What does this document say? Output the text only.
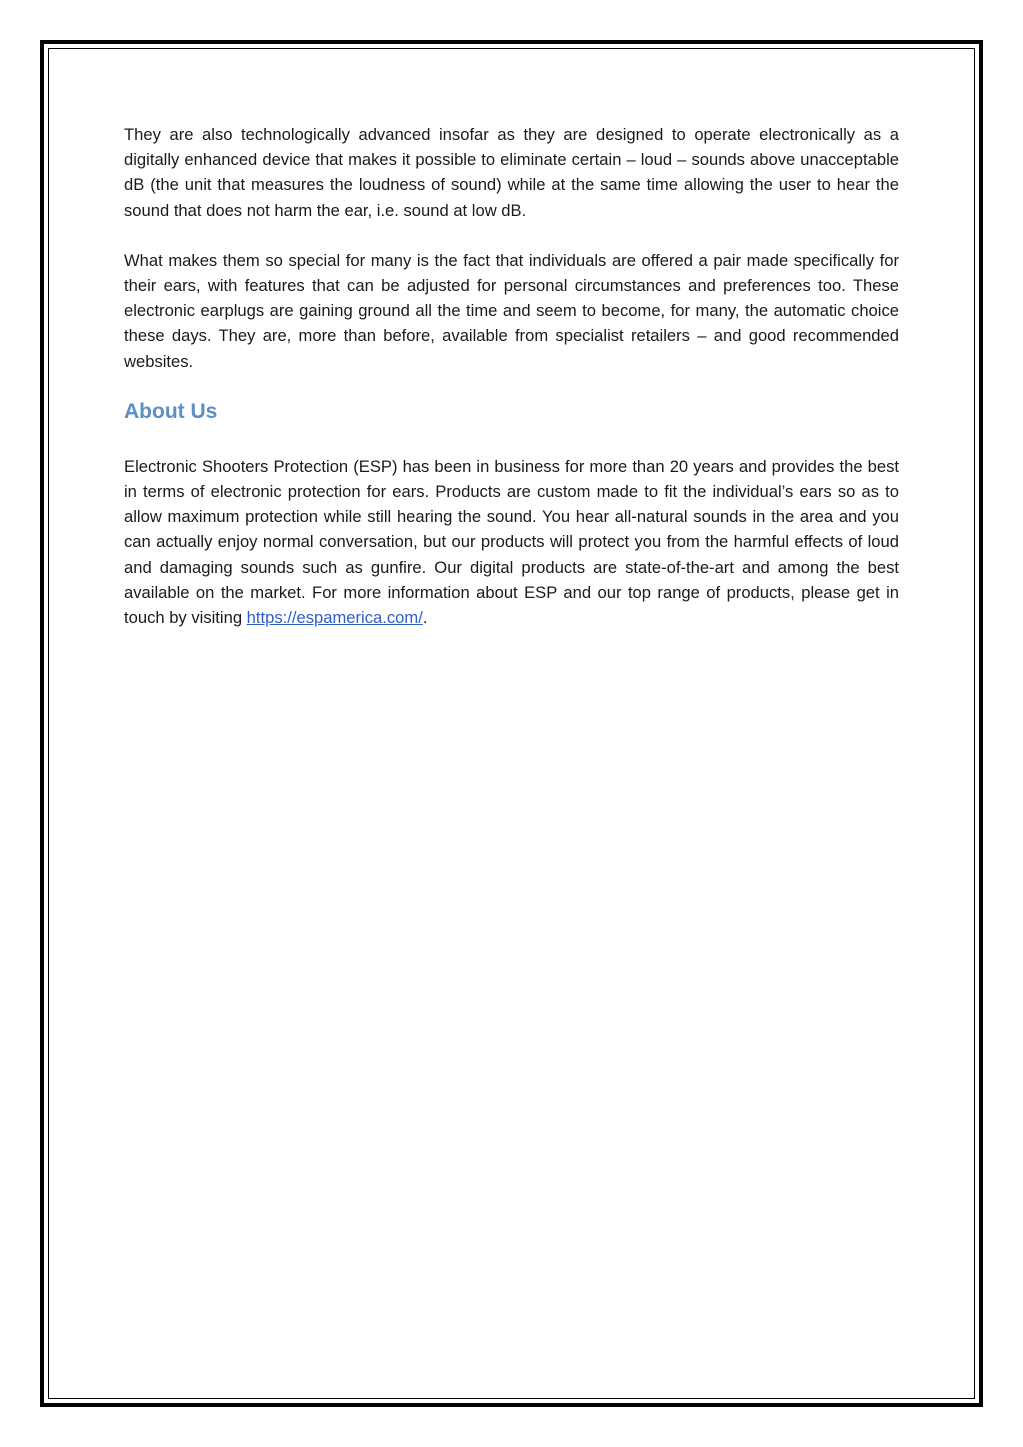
They are also technologically advanced insofar as they are designed to operate electronically as a digitally enhanced device that makes it possible to eliminate certain – loud – sounds above unacceptable dB (the unit that measures the loudness of sound) while at the same time allowing the user to hear the sound that does not harm the ear, i.e. sound at low dB.

What makes them so special for many is the fact that individuals are offered a pair made specifically for their ears, with features that can be adjusted for personal circumstances and preferences too. These electronic earplugs are gaining ground all the time and seem to become, for many, the automatic choice these days. They are, more than before, available from specialist retailers – and good recommended websites.

About Us

Electronic Shooters Protection (ESP) has been in business for more than 20 years and provides the best in terms of electronic protection for ears. Products are custom made to fit the individual’s ears so as to allow maximum protection while still hearing the sound. You hear all-natural sounds in the area and you can actually enjoy normal conversation, but our products will protect you from the harmful effects of loud and damaging sounds such as gunfire. Our digital products are state-of-the-art and among the best available on the market. For more information about ESP and our top range of products, please get in touch by visiting https://espamerica.com/.
